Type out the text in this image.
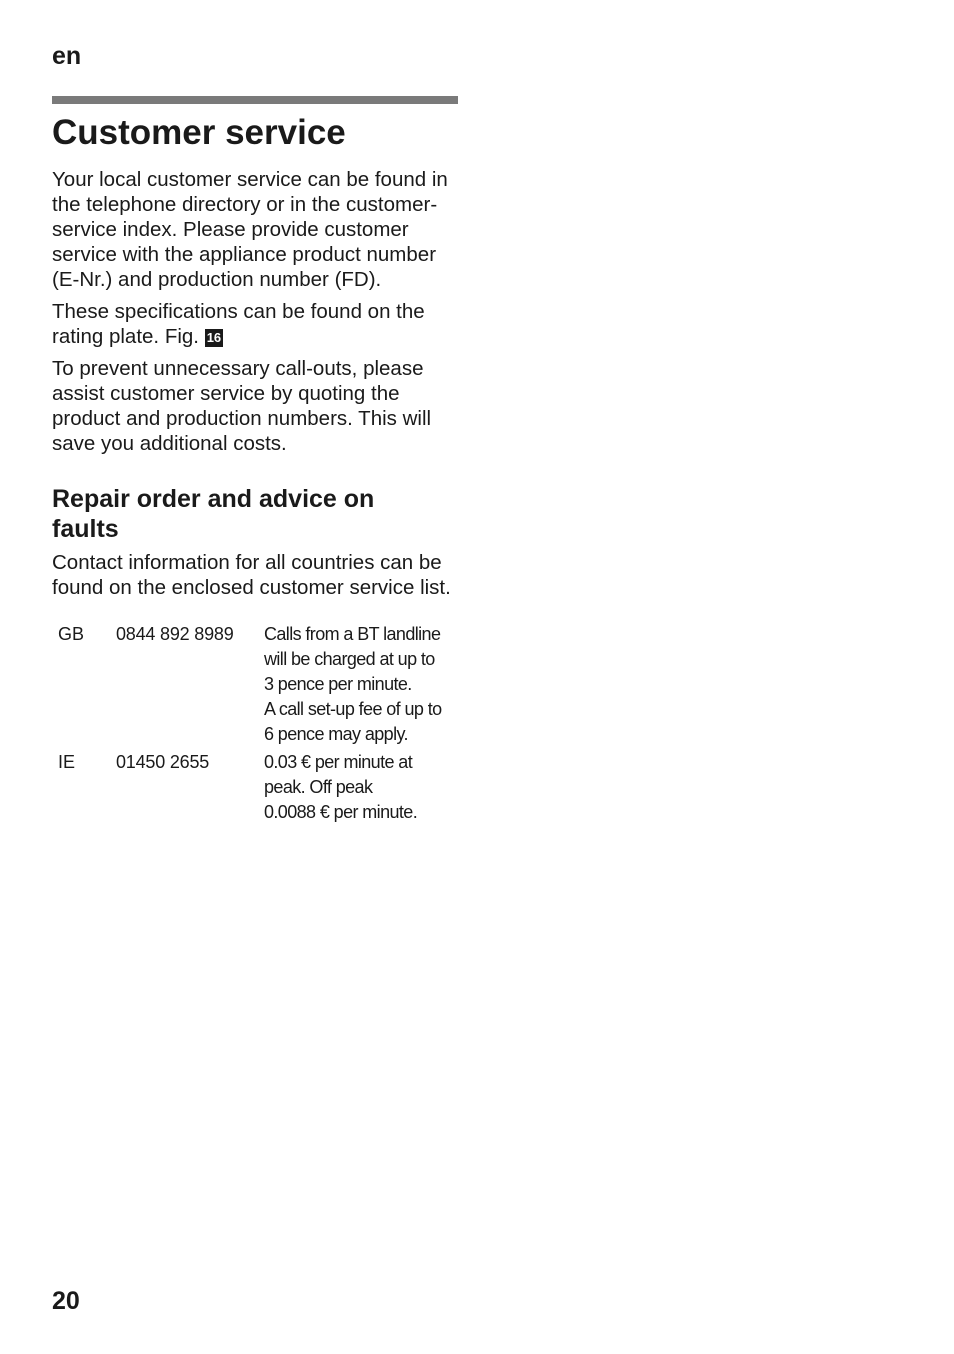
en
Customer service

Your local customer service can be found in the telephone directory or in the customer-service index. Please provide customer service with the appliance product number (E-Nr.) and production number (FD).

These specifications can be found on the rating plate. Fig. 16

To prevent unnecessary call-outs, please assist customer service by quoting the product and production numbers. This will save you additional costs.

Repair order and advice on faults

Contact information for all countries can be found on the enclosed customer service list.

GB	0844 892 8989	Calls from a BT landline
will be charged at up to
3 pence per minute.
A call set-up fee of up to
6 pence may apply.
IE	01450 2655	0.03 € per minute at
peak. Off peak
0.0088 € per minute.
20
